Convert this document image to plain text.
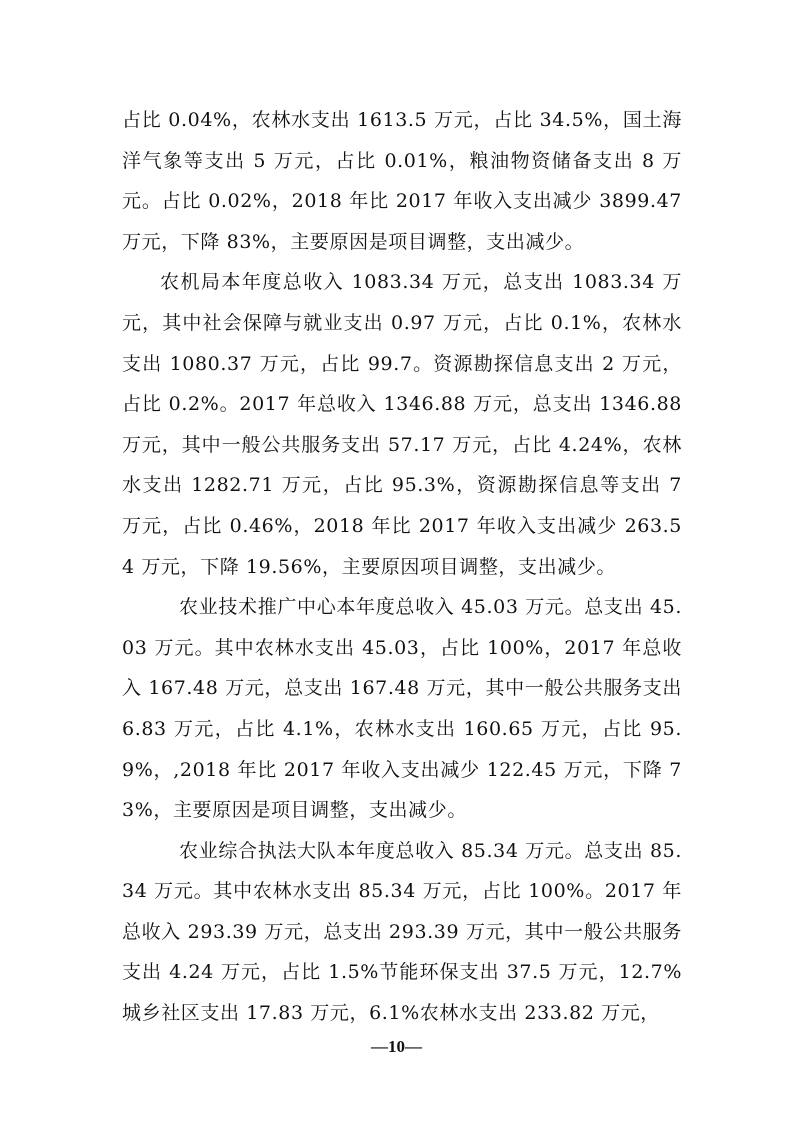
占比 0.04%，农林水支出 1613.5 万元，占比 34.5%，国土海洋气象等支出 5 万元，占比 0.01%，粮油物资储备支出 8 万元。占比 0.02%，2018 年比 2017 年收入支出减少 3899.47 万元，下降 83%，主要原因是项目调整，支出减少。

农机局本年度总收入 1083.34 万元，总支出 1083.34 万元，其中社会保障与就业支出 0.97 万元，占比 0.1%，农林水支出 1080.37 万元，占比 99.7。资源勘探信息支出 2 万元，占比 0.2%。2017 年总收入 1346.88 万元，总支出 1346.88 万元，其中一般公共服务支出 57.17 万元，占比 4.24%，农林水支出 1282.71 万元，占比 95.3%，资源勘探信息等支出 7 万元，占比 0.46%，2018 年比 2017 年收入支出减少 263.54 万元，下降 19.56%，主要原因项目调整，支出减少。

农业技术推广中心本年度总收入 45.03 万元。总支出 45.03 万元。其中农林水支出 45.03，占比 100%，2017 年总收入 167.48 万元，总支出 167.48 万元，其中一般公共服务支出 6.83 万元，占比 4.1%，农林水支出 160.65 万元，占比 95.9%，,2018 年比 2017 年收入支出减少 122.45 万元，下降 73%，主要原因是项目调整，支出减少。

农业综合执法大队本年度总收入 85.34 万元。总支出 85.34 万元。其中农林水支出 85.34 万元，占比 100%。2017 年总收入 293.39 万元，总支出 293.39 万元，其中一般公共服务支出 4.24 万元，占比 1.5%节能环保支出 37.5 万元，12.7%城乡社区支出 17.83 万元，6.1%农林水支出 233.82 万元，

—10—
